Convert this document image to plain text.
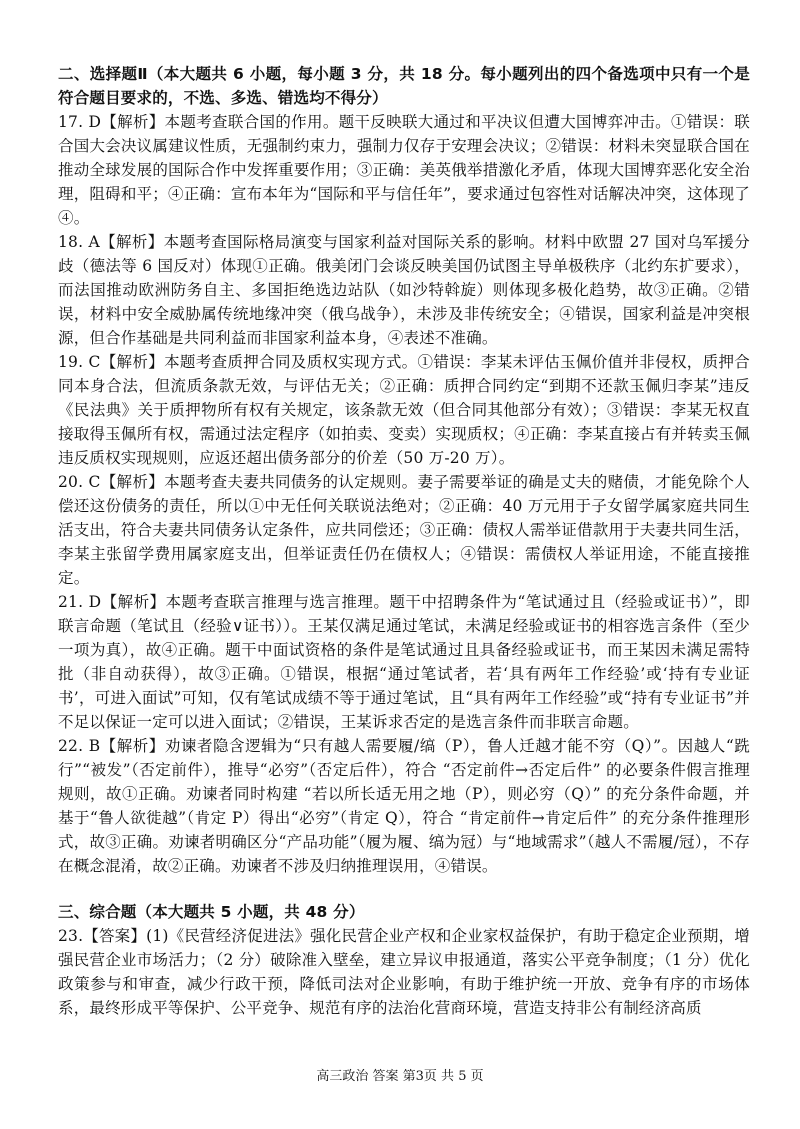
二、选择题Ⅱ（本大题共 6 小题，每小题 3 分，共 18 分。每小题列出的四个备选项中只有一个是符合题目要求的，不选、多选、错选均不得分）
17. D【解析】本题考查联合国的作用。题干反映联大通过和平决议但遭大国博弈冲击。①错误：联合国大会决议属建议性质，无强制约束力，强制力仅存于安理会决议；②错误：材料未突显联合国在推动全球发展的国际合作中发挥重要作用；③正确：美英俄举措激化矛盾，体现大国博弈恶化安全治理，阻碍和平；④正确：宣布本年为“国际和平与信任年”，要求通过包容性对话解决冲突，这体现了④。
18. A【解析】本题考查国际格局演变与国家利益对国际关系的影响。材料中欧盟 27 国对乌军援分歧（德法等 6 国反对）体现①正确。俄美闭门会谈反映美国仍试图主导单极秩序（北约东扩要求），而法国推动欧洲防务自主、多国拒绝选边站队（如沙特斡旋）则体现多极化趋势，故③正确。②错误，材料中安全威胁属传统地缘冲突（俄乌战争），未涉及非传统安全；④错误，国家利益是冲突根源，但合作基础是共同利益而非国家利益本身，④表述不准确。
19. C【解析】本题考查质押合同及质权实现方式。①错误：李某未评估玉佩价值并非侵权，质押合同本身合法，但流质条款无效，与评估无关；②正确：质押合同约定“到期不还款玉佩归李某”违反《民法典》关于质押物所有权有关规定，该条款无效（但合同其他部分有效）；③错误：李某无权直接取得玉佩所有权，需通过法定程序（如拍卖、变卖）实现质权；④正确：李某直接占有并转卖玉佩违反质权实现规则，应返还超出债务部分的价差（50 万-20 万）。
20. C【解析】本题考查夫妻共同债务的认定规则。妻子需要举证的确是丈夫的赌债，才能免除个人偿还这份债务的责任，所以①中无任何关联说法绝对；②正确：40 万元用于子女留学属家庭共同生活支出，符合夫妻共同债务认定条件，应共同偿还；③正确：债权人需举证借款用于夫妻共同生活，李某主张留学费用属家庭支出，但举证责任仍在债权人；④错误：需债权人举证用途，不能直接推定。
21. D【解析】本题考查联言推理与选言推理。题干中招聘条件为“笔试通过且（经验或证书）”，即联言命题（笔试且（经验∨证书））。王某仅满足通过笔试，未满足经验或证书的相容选言条件（至少一项为真），故④正确。题干中面试资格的条件是笔试通过且具备经验或证书，而王某因未满足需特批（非自动获得），故③正确。①错误，根据“通过笔试者，若‘具有两年工作经验’或‘持有专业证书’，可进入面试”可知，仅有笔试成绩不等于通过笔试，且“具有两年工作经验”或“持有专业证书”并不足以保证一定可以进入面试；②错误，王某诉求否定的是选言条件而非联言命题。
22. B【解析】劝谏者隐含逻辑为“只有越人需要履/缟（P），鲁人迁越才能不穷（Q）”。因越人“跣行”“被发”（否定前件），推导“必穷”（否定后件），符合 “否定前件→否定后件” 的必要条件假言推理规则，故①正确。劝谏者同时构建 “若以所长适无用之地（P），则必穷（Q）” 的充分条件命题，并基于“鲁人欲徙越”（肯定 P）得出“必穷”（肯定 Q），符合 “肯定前件→肯定后件” 的充分条件推理形式，故③正确。劝谏者明确区分“产品功能”（履为履、缟为冠）与“地域需求”（越人不需履/冠），不存在概念混淆，故②正确。劝谏者不涉及归纳推理误用，④错误。
三、综合题（本大题共 5 小题，共 48 分）
23.【答案】(1)《民营经济促进法》强化民营企业产权和企业家权益保护，有助于稳定企业预期，增强民营企业市场活力；（2 分）破除准入壁垒，建立异议申报通道，落实公平竞争制度；（1 分）优化政策参与和审查，减少行政干预，降低司法对企业影响，有助于维护统一开放、竞争有序的市场体系，最终形成平等保护、公平竞争、规范有序的法治化营商环境，营造支持非公有制经济高质
高三政治 答案 第3页 共 5 页
